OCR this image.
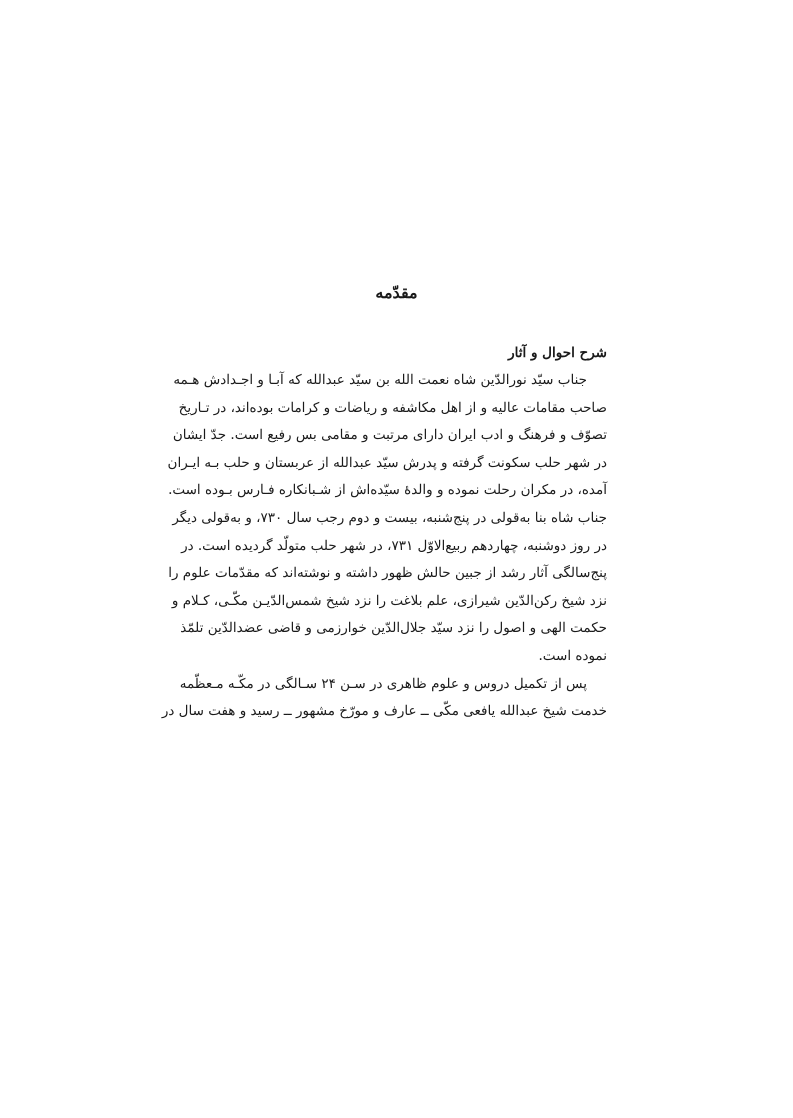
مقدّمه
شرح احوال و آثار
جناب سیّد نورالدّین شاه نعمت الله بن سیّد عبدالله که آبـا و اجـدادش هـمه
صاحب مقامات عالیه و از اهل مکاشفه و ریاضات و کرامات بوده‌اند، در تـاریخ
تصوّف و فرهنگ و ادب ایران دارای مرتبت و مقامی بس رفیع است. جدّ ایشان
در شهر حلب سکونت گرفته و پدرش سیّد عبدالله از عربستان و حلب بـه ایـران
آمده، در مکران رحلت نموده و والدهٔ سیّده‌اش از شـبانکاره فـارس بـوده است.
جناب شاه بنا به‌قولی در پنج‌شنبه، بیست و دوم رجب سال ۷۳۰، و به‌قولی دیگر
در روز دوشنبه، چهاردهم ربیع‌الاوّل ۷۳۱، در شهر حلب متولّد گردیده است. در
پنج‌سالگی آثار رشد از جبین حالش ظهور داشته و نوشته‌اند که مقدّمات علوم را
نزد شیخ رکن‌الدّین شیرازی، علم بلاغت را نزد شیخ شمس‌الدّیـن مکّـی، کـلام و
حکمت الهی و اصول را نزد سیّد جلال‌الدّین خوارزمی و قاضی عضدالدّین تلمّذ
نموده است.
پس از تکمیل دروس و علوم ظاهری در سـن ۲۴ سـالگی در مکّـه مـعظّمه
خدمت شیخ عبدالله یافعی مکّی ــ عارف و مورّخ مشهور ــ رسید و هفت سال در
